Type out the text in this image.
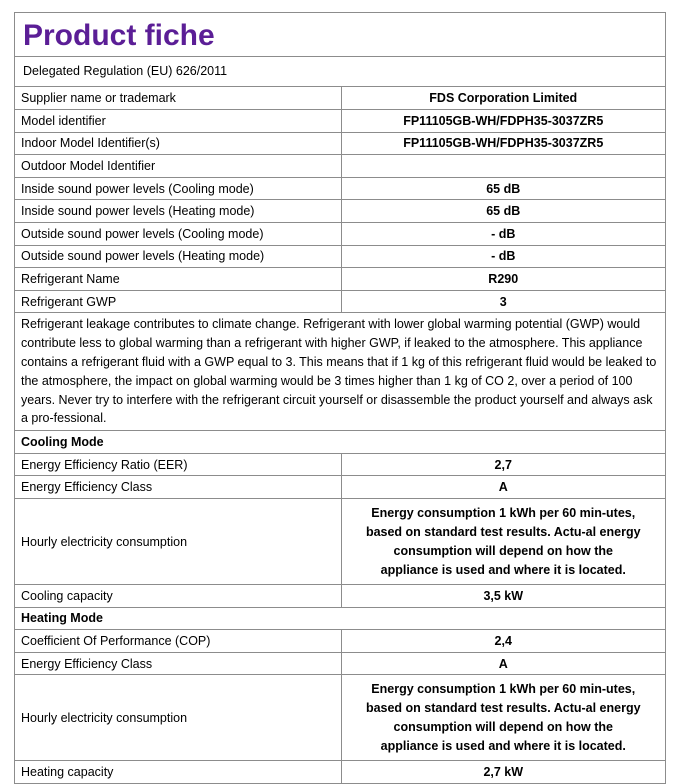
Product fiche
Delegated Regulation (EU) 626/2011
Supplier name or trademark	FDS Corporation Limited
Model identifier	FP11105GB-WH/FDPH35-3037ZR5
Indoor Model Identifier(s)	FP11105GB-WH/FDPH35-3037ZR5
Outdoor Model Identifier	
Inside sound power levels (Cooling mode)	65 dB
Inside sound power levels (Heating mode)	65 dB
Outside sound power levels (Cooling mode)	- dB
Outside sound power levels (Heating mode)	- dB
Refrigerant Name	R290
Refrigerant GWP	3
Refrigerant leakage contributes to climate change. Refrigerant with lower global warming potential (GWP) would contribute less to global warming than a refrigerant with higher GWP, if leaked to the atmosphere. This appliance contains a refrigerant fluid with a GWP equal to 3. This means that if 1 kg of this refrigerant fluid would be leaked to the atmosphere, the impact on global warming would be 3 times higher than 1 kg of CO 2, over a period of 100 years. Never try to interfere with the refrigerant circuit yourself or disassemble the product yourself and always ask a pro-fessional.	
Cooling Mode	
Energy Efficiency Ratio (EER)	2,7
Energy Efficiency Class	A
Hourly electricity consumption	Energy consumption 1 kWh per 60 min-utes, based on standard test results. Actu-al energy consumption will depend on how the appliance is used and where it is located.
Cooling capacity	3,5 kW
Heating Mode	
Coefficient Of Performance (COP)	2,4
Energy Efficiency Class	A
Hourly electricity consumption	Energy consumption 1 kWh per 60 min-utes, based on standard test results. Actu-al energy consumption will depend on how the appliance is used and where it is located.
Heating capacity	2,7 kW
